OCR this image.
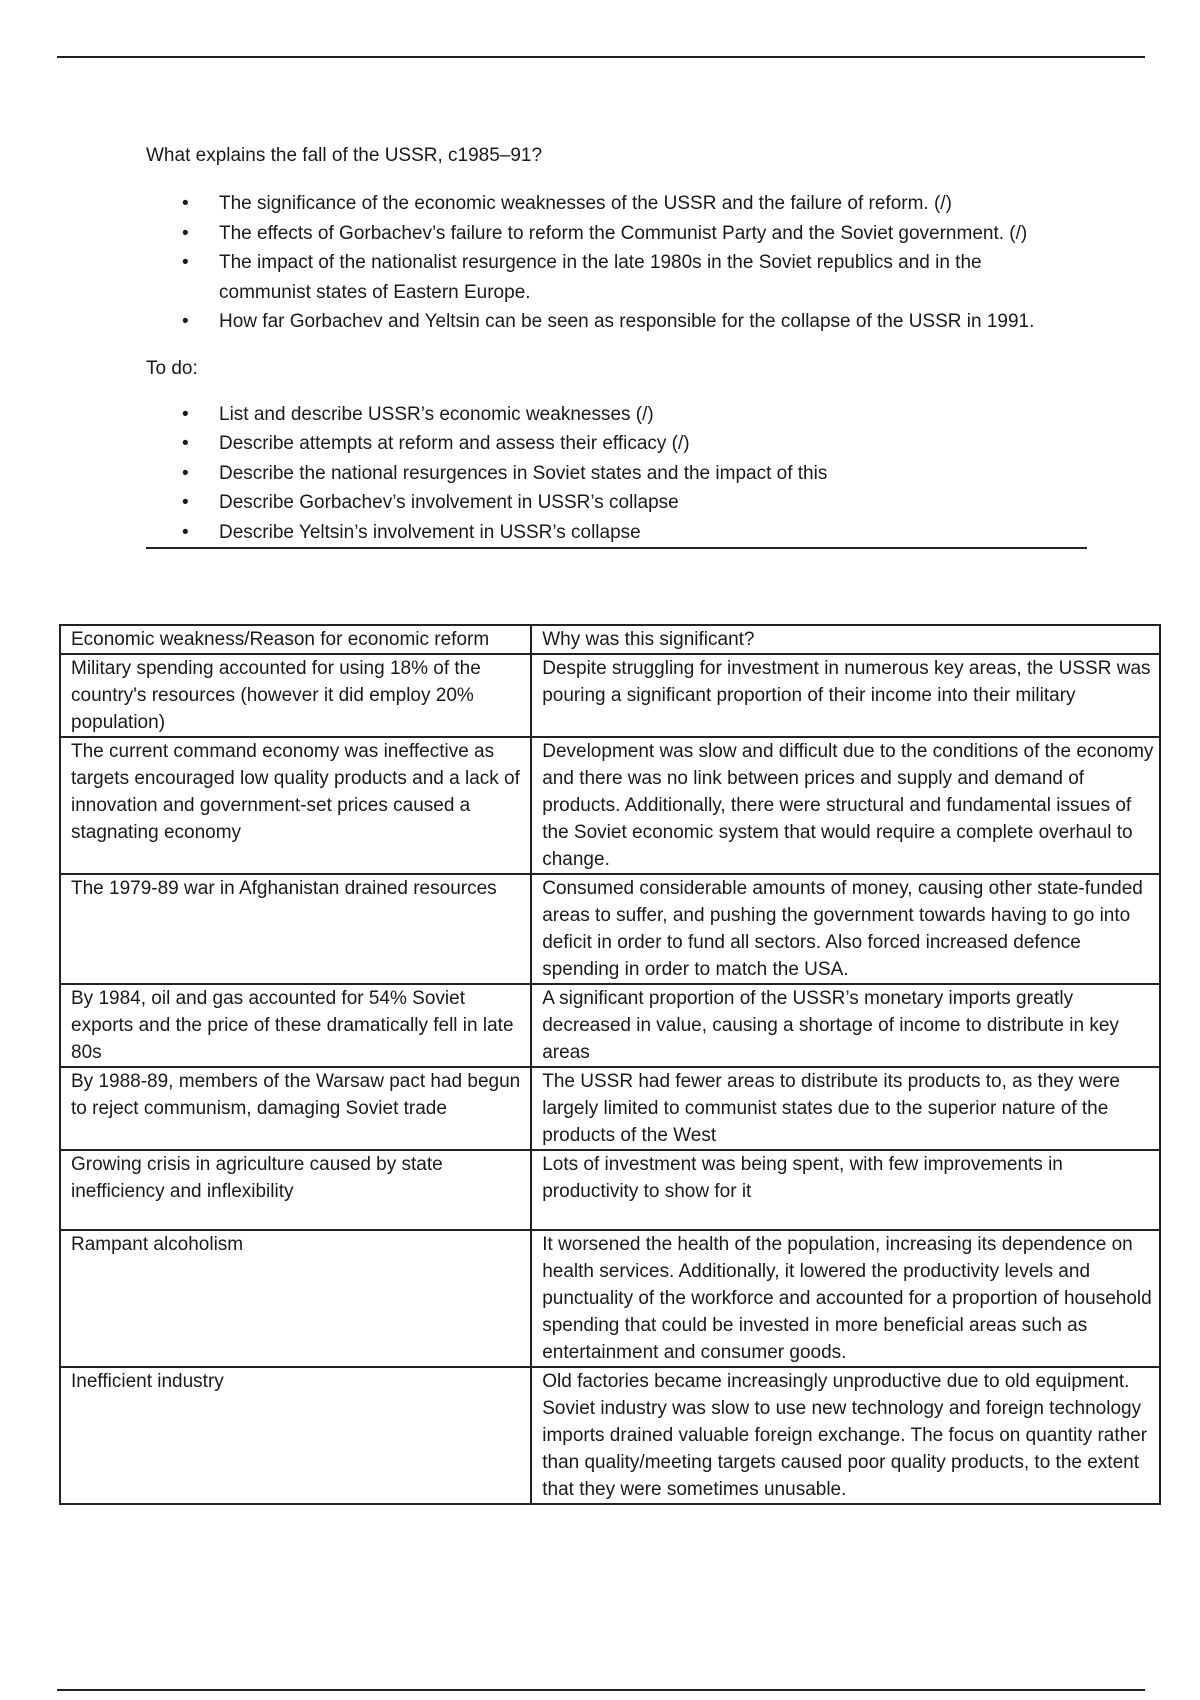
What explains the fall of the USSR, c1985–91?

• The significance of the economic weaknesses of the USSR and the failure of reform. (/)
• The effects of Gorbachev’s failure to reform the Communist Party and the Soviet government. (/)
• The impact of the nationalist resurgence in the late 1980s in the Soviet republics and in the communist states of Eastern Europe.
• How far Gorbachev and Yeltsin can be seen as responsible for the collapse of the USSR in 1991.

To do:

• List and describe USSR’s economic weaknesses (/)
• Describe attempts at reform and assess their efficacy (/)
• Describe the national resurgences in Soviet states and the impact of this
• Describe Gorbachev’s involvement in USSR’s collapse
• Describe Yeltsin’s involvement in USSR’s collapse
Economic weakness/Reason for economic reform	Why was this significant?
Military spending accounted for using 18% of the country's resources (however it did employ 20% population)	Despite struggling for investment in numerous key areas, the USSR was pouring a significant proportion of their income into their military
The current command economy was ineffective as targets encouraged low quality products and a lack of innovation and government-set prices caused a stagnating economy	Development was slow and difficult due to the conditions of the economy and there was no link between prices and supply and demand of products. Additionally, there were structural and fundamental issues of the Soviet economic system that would require a complete overhaul to change.
The 1979-89 war in Afghanistan drained resources	Consumed considerable amounts of money, causing other state-funded areas to suffer, and pushing the government towards having to go into deficit in order to fund all sectors. Also forced increased defence spending in order to match the USA.
By 1984, oil and gas accounted for 54% Soviet exports and the price of these dramatically fell in late 80s	A significant proportion of the USSR’s monetary imports greatly decreased in value, causing a shortage of income to distribute in key areas
By 1988-89, members of the Warsaw pact had begun to reject communism, damaging Soviet trade	The USSR had fewer areas to distribute its products to, as they were largely limited to communist states due to the superior nature of the products of the West
Growing crisis in agriculture caused by state inefficiency and inflexibility	Lots of investment was being spent, with few improvements in productivity to show for it
Rampant alcoholism	It worsened the health of the population, increasing its dependence on health services. Additionally, it lowered the productivity levels and punctuality of the workforce and accounted for a proportion of household spending that could be invested in more beneficial areas such as entertainment and consumer goods.
Inefficient industry	Old factories became increasingly unproductive due to old equipment. Soviet industry was slow to use new technology and foreign technology imports drained valuable foreign exchange. The focus on quantity rather than quality/meeting targets caused poor quality products, to the extent that they were sometimes unusable.
